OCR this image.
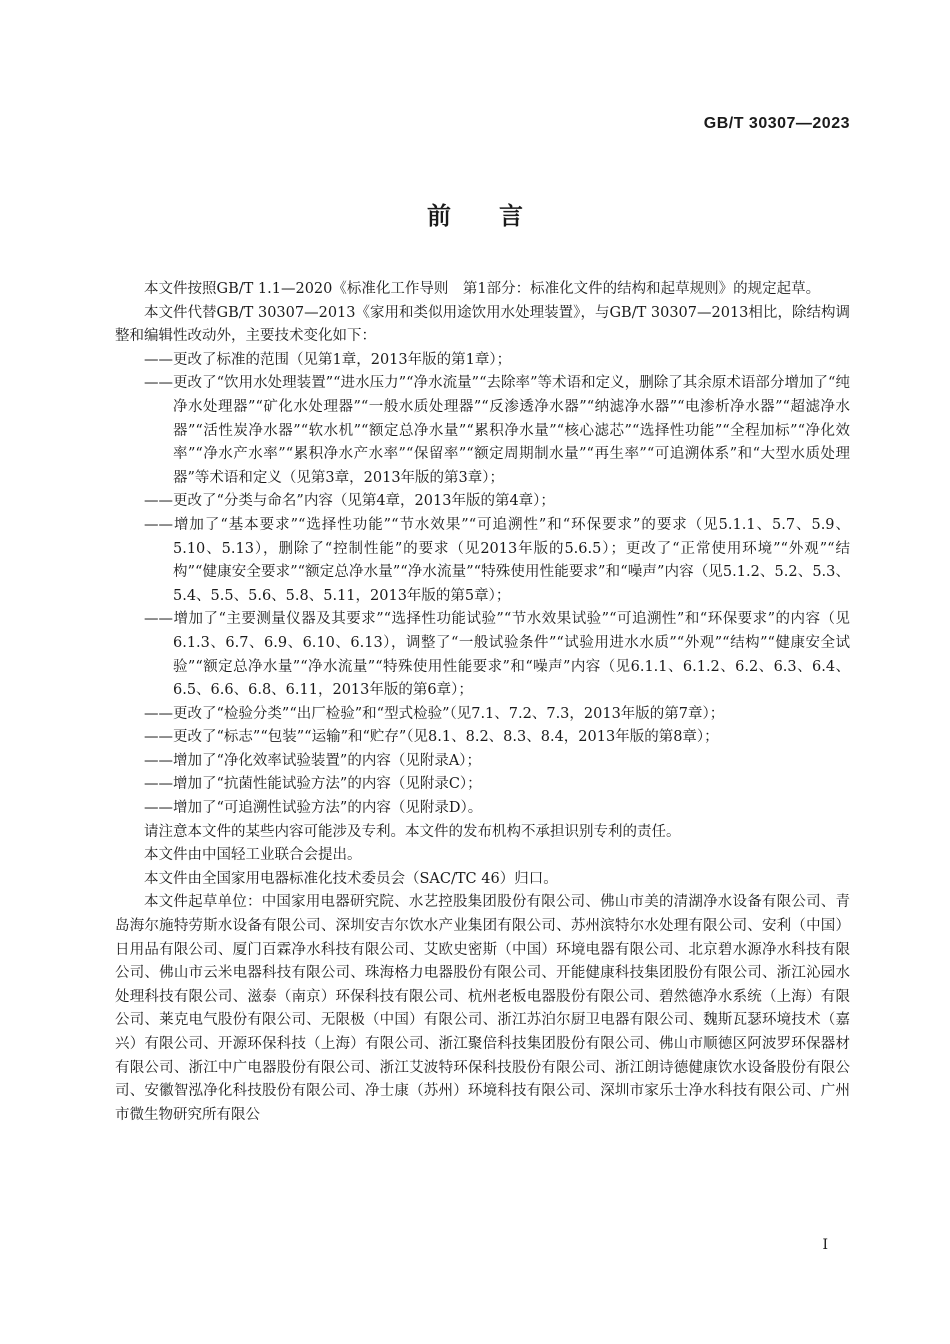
GB/T 30307—2023
前言

本文件按照GB/T 1.1—2020《标准化工作导则　第1部分：标准化文件的结构和起草规则》的规定起草。

本文件代替GB/T 30307—2013《家用和类似用途饮用水处理装置》，与GB/T 30307—2013相比，除结构调整和编辑性改动外，主要技术变化如下：

——更改了标准的范围（见第1章，2013年版的第1章）；

——更改了“饮用水处理装置”“进水压力”“净水流量”“去除率”等术语和定义，删除了其余原术语部分增加了“纯净水处理器”“矿化水处理器”“一般水质处理器”“反渗透净水器”“纳滤净水器”“电渗析净水器”“超滤净水器”“活性炭净水器”“软水机”“额定总净水量”“累积净水量”“核心滤芯”“选择性功能”“全程加标”“净化效率”“净水产水率”“累积净水产水率”“保留率”“额定周期制水量”“再生率”“可追溯体系”和“大型水质处理器”等术语和定义（见第3章，2013年版的第3章）；

——更改了“分类与命名”内容（见第4章，2013年版的第4章）；

——增加了“基本要求”“选择性功能”“节水效果”“可追溯性”和“环保要求”的要求（见5.1.1、5.7、5.9、5.10、5.13），删除了“控制性能”的要求（见2013年版的5.6.5）；更改了“正常使用环境”“外观”“结构”“健康安全要求”“额定总净水量”“净水流量”“特殊使用性能要求”和“噪声”内容（见5.1.2、5.2、5.3、5.4、5.5、5.6、5.8、5.11，2013年版的第5章）；

——增加了“主要测量仪器及其要求”“选择性功能试验”“节水效果试验”“可追溯性”和“环保要求”的内容（见6.1.3、6.7、6.9、6.10、6.13），调整了“一般试验条件”“试验用进水水质”“外观”“结构”“健康安全试验”“额定总净水量”“净水流量”“特殊使用性能要求”和“噪声”内容（见6.1.1、6.1.2、6.2、6.3、6.4、6.5、6.6、6.8、6.11，2013年版的第6章）；

——更改了“检验分类”“出厂检验”和“型式检验”（见7.1、7.2、7.3，2013年版的第7章）；

——更改了“标志”“包装”“运输”和“贮存”（见8.1、8.2、8.3、8.4，2013年版的第8章）；

——增加了“净化效率试验装置”的内容（见附录A）；

——增加了“抗菌性能试验方法”的内容（见附录C）；

——增加了“可追溯性试验方法”的内容（见附录D）。

请注意本文件的某些内容可能涉及专利。本文件的发布机构不承担识别专利的责任。

本文件由中国轻工业联合会提出。

本文件由全国家用电器标准化技术委员会（SAC/TC 46）归口。

本文件起草单位：中国家用电器研究院、水艺控股集团股份有限公司、佛山市美的清湖净水设备有限公司、青岛海尔施特劳斯水设备有限公司、深圳安吉尔饮水产业集团有限公司、苏州滨特尔水处理有限公司、安利（中国）日用品有限公司、厦门百霖净水科技有限公司、艾欧史密斯（中国）环境电器有限公司、北京碧水源净水科技有限公司、佛山市云米电器科技有限公司、珠海格力电器股份有限公司、开能健康科技集团股份有限公司、浙江沁园水处理科技有限公司、滋泰（南京）环保科技有限公司、杭州老板电器股份有限公司、碧然德净水系统（上海）有限公司、莱克电气股份有限公司、无限极（中国）有限公司、浙江苏泊尔厨卫电器有限公司、魏斯瓦瑟环境技术（嘉兴）有限公司、开源环保科技（上海）有限公司、浙江聚倍科技集团股份有限公司、佛山市顺德区阿波罗环保器材有限公司、浙江中广电器股份有限公司、浙江艾波特环保科技股份有限公司、浙江朗诗德健康饮水设备股份有限公司、安徽智泓净化科技股份有限公司、净士康（苏州）环境科技有限公司、深圳市家乐士净水科技有限公司、广州市微生物研究所有限公

I
